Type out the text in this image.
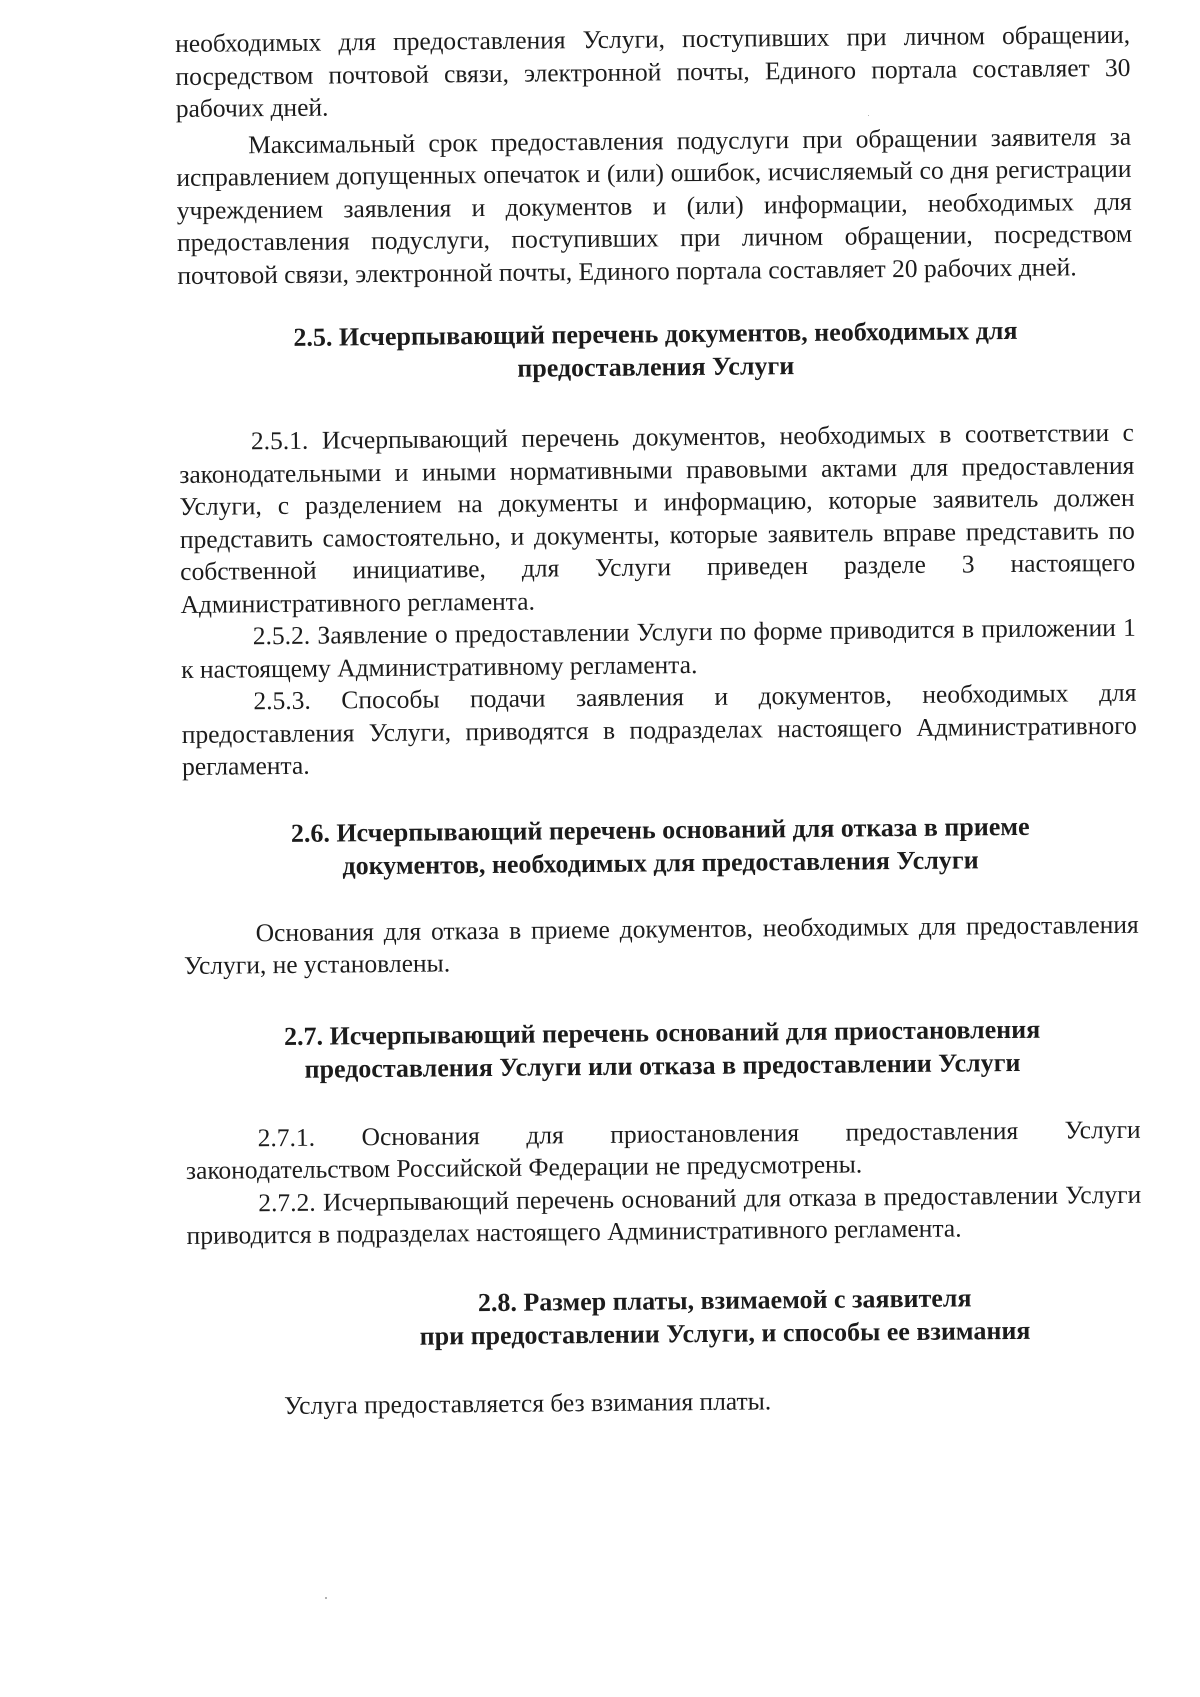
необходимых для предоставления Услуги, поступивших при личном обращении, посредством почтовой связи, электронной почты, Единого портала составляет 30 рабочих дней.

Максимальный срок предоставления подуслуги при обращении заявителя за исправлением допущенных опечаток и (или) ошибок, исчисляемый со дня регистрации учреждением заявления и документов и (или) информации, необходимых для предоставления подуслуги, поступивших при личном обращении, посредством почтовой связи, электронной почты, Единого портала составляет 20 рабочих дней.

2.5. Исчерпывающий перечень документов, необходимых для
предоставления Услуги

2.5.1. Исчерпывающий перечень документов, необходимых в соответствии с законодательными и иными нормативными правовыми актами для предоставления Услуги, с разделением на документы и информацию, которые заявитель должен представить самостоятельно, и документы, которые заявитель вправе представить по собственной инициативе, для Услуги приведен разделе 3 настоящего Административного регламента.

2.5.2. Заявление о предоставлении Услуги по форме приводится в приложении 1 к настоящему Административному регламента.

2.5.3. Способы подачи заявления и документов, необходимых для предоставления Услуги, приводятся в подразделах настоящего Административного регламента.

2.6. Исчерпывающий перечень оснований для отказа в приеме
документов, необходимых для предоставления Услуги

Основания для отказа в приеме документов, необходимых для предоставления Услуги, не установлены.

2.7. Исчерпывающий перечень оснований для приостановления
предоставления Услуги или отказа в предоставлении Услуги

2.7.1. Основания для приостановления предоставления Услуги законодательством Российской Федерации не предусмотрены.

2.7.2. Исчерпывающий перечень оснований для отказа в предоставлении Услуги приводится в подразделах настоящего Административного регламента.

2.8. Размер платы, взимаемой с заявителя
при предоставлении Услуги, и способы ее взимания

Услуга предоставляется без взимания платы.
